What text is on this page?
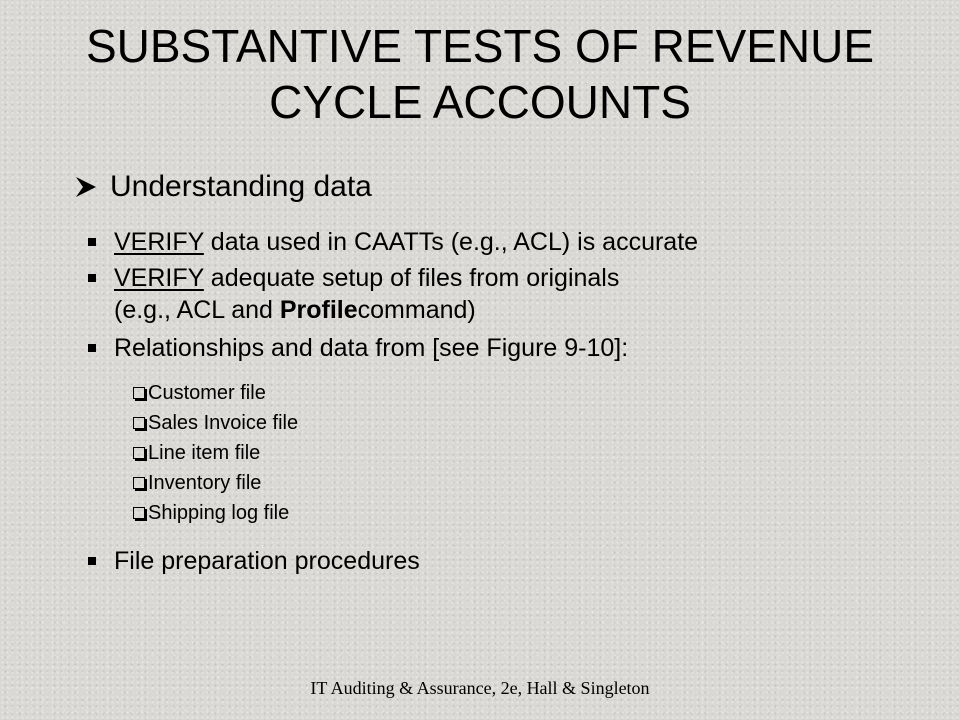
SUBSTANTIVE TESTS OF REVENUE
CYCLE ACCOUNTS
Understanding data
VERIFY data used in CAATTs (e.g., ACL) is accurate
VERIFY adequate setup of files from originals
(e.g., ACL and Profilecommand)
Relationships and data from [see Figure 9-10]:
Customer file
Sales Invoice file
Line item file
Inventory file
Shipping log file
File preparation procedures
IT Auditing & Assurance, 2e, Hall & Singleton
